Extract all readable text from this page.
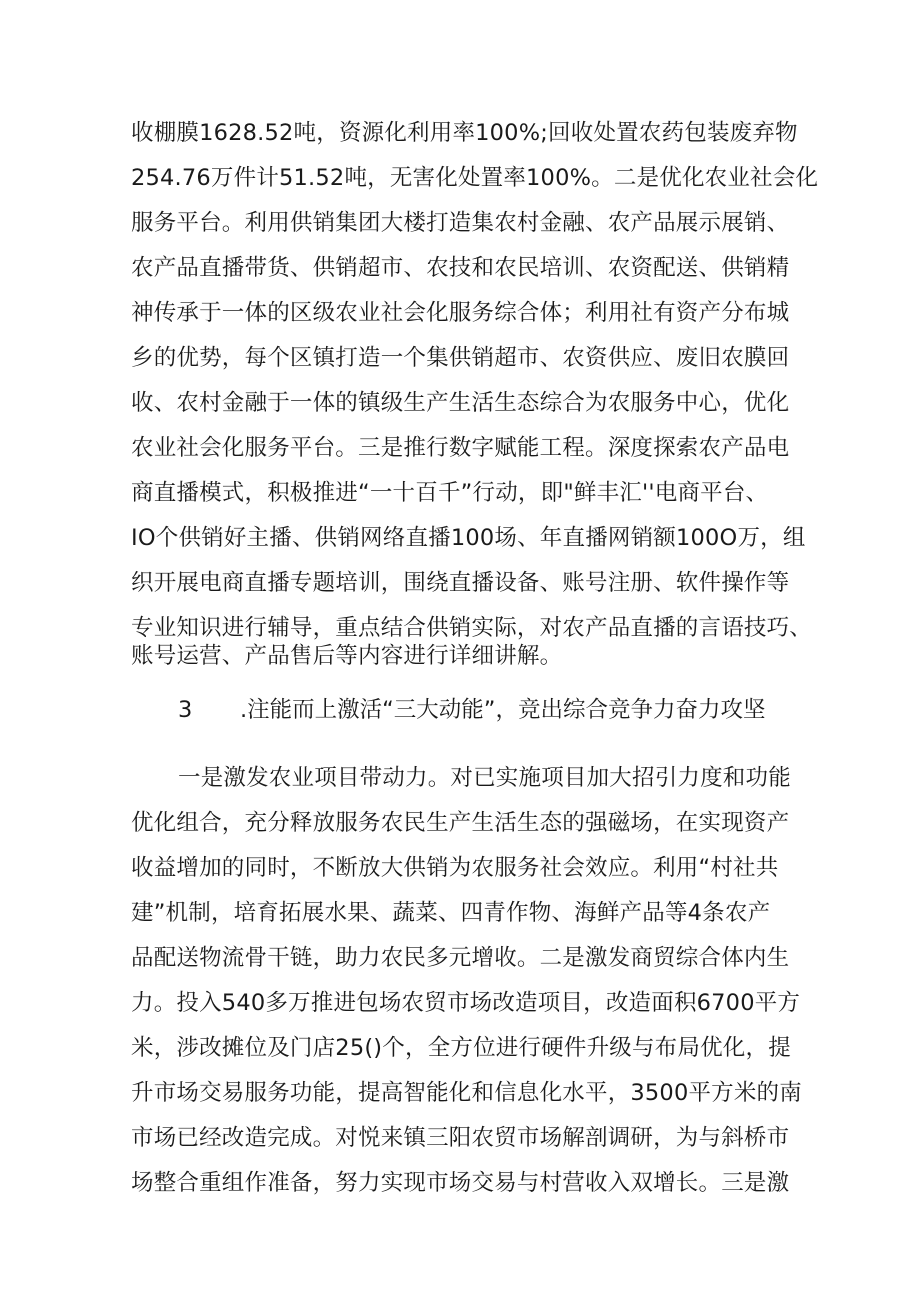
收棚膜1628.52吨，资源化利用率100%;回收处置农药包装废弃物
254.76万件计51.52吨，无害化处置率100%。二是优化农业社会化
服务平台。利用供销集团大楼打造集农村金融、农产品展示展销、
农产品直播带货、供销超市、农技和农民培训、农资配送、供销精
神传承于一体的区级农业社会化服务综合体；利用社有资产分布城
乡的优势，每个区镇打造一个集供销超市、农资供应、废旧农膜回
收、农村金融于一体的镇级生产生活生态综合为农服务中心，优化
农业社会化服务平台。三是推行数字赋能工程。深度探索农产品电
商直播模式，积极推进“一十百千”行动，即"鲜丰汇''电商平台、
IO个供销好主播、供销网络直播100场、年直播网销额100O万，组
织开展电商直播专题培训，围绕直播设备、账号注册、软件操作等
专业知识进行辅导，重点结合供销实际，对农产品直播的言语技巧、
账号运营、产品售后等内容进行详细讲解。
3 .注能而上激活“三大动能”，竞出综合竞争力奋力攻坚
一是激发农业项目带动力。对已实施项目加大招引力度和功能
优化组合，充分释放服务农民生产生活生态的强磁场，在实现资产
收益增加的同时，不断放大供销为农服务社会效应。利用“村社共
建”机制，培育拓展水果、蔬菜、四青作物、海鲜产品等4条农产
品配送物流骨干链，助力农民多元增收。二是激发商贸综合体内生
力。投入540多万推进包场农贸市场改造项目，改造面积6700平方
米，涉改摊位及门店25()个，全方位进行硬件升级与布局优化，提
升市场交易服务功能，提高智能化和信息化水平，3500平方米的南
市场已经改造完成。对悦来镇三阳农贸市场解剖调研，为与斜桥市
场整合重组作准备，努力实现市场交易与村营收入双增长。三是激
